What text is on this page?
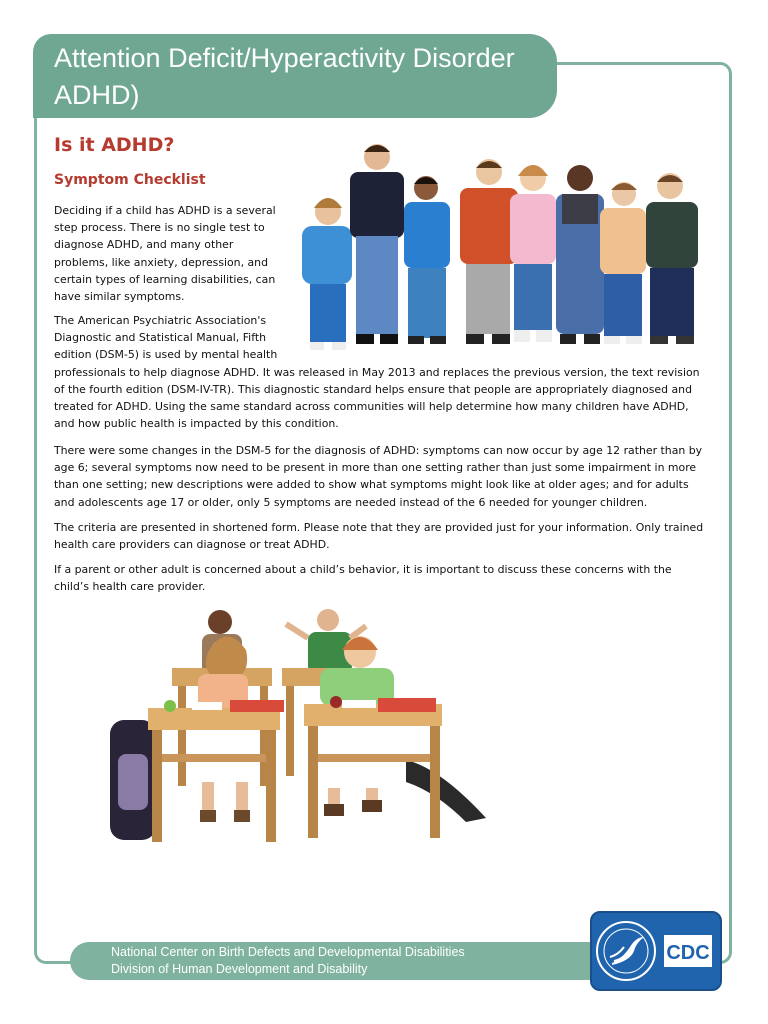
Attention Deficit/Hyperactivity Disorder ADHD)
Is it ADHD?
Symptom Checklist

Deciding if a child has ADHD is a several step process. There is no single test to diagnose ADHD, and many other problems, like anxiety, depression, and certain types of learning disabilities, can have similar symptoms.

The American Psychiatric Association's Diagnostic and Statistical Manual, Fifth edition (DSM-5) is used by mental health
professionals to help diagnose ADHD. It was released in May 2013 and replaces the previous version, the text revision of the fourth edition (DSM-IV-TR). This diagnostic standard helps ensure that people are appropriately diagnosed and treated for ADHD. Using the same standard across communities will help determine how many children have ADHD, and how public health is impacted by this condition.

There were some changes in the DSM-5 for the diagnosis of ADHD: symptoms can now occur by age 12 rather than by age 6; several symptoms now need to be present in more than one setting rather than just some impairment in more than one setting; new descriptions were added to show what symptoms might look like at older ages; and for adults and adolescents age 17 or older, only 5 symptoms are needed instead of the 6 needed for younger children.

The criteria are presented in shortened form. Please note that they are provided just for your information. Only trained health care providers can diagnose or treat ADHD.

If a parent or other adult is concerned about a child’s behavior, it is important to discuss these concerns with the child’s health care provider.

National Center on Birth Defects and Developmental Disabilities
Division of Human Development and Disability
CDC
